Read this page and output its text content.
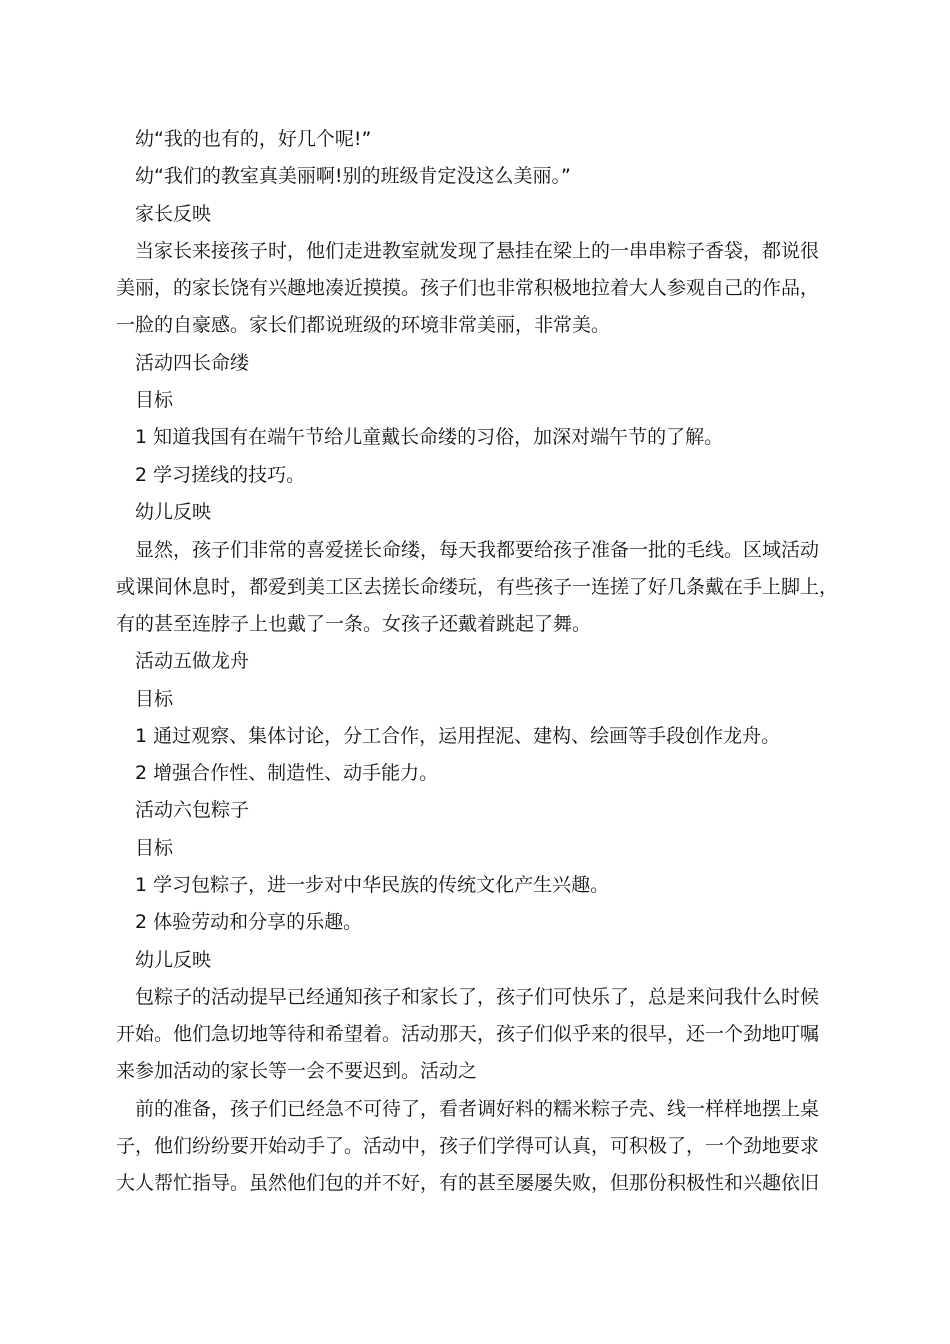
幼“我的也有的，好几个呢!”
幼“我们的教室真美丽啊!别的班级肯定没这么美丽。”
家长反映
当家长来接孩子时，他们走进教室就发现了悬挂在梁上的一串串粽子香袋，都说很
美丽，的家长饶有兴趣地凑近摸摸。孩子们也非常积极地拉着大人参观自己的作品，
一脸的自豪感。家长们都说班级的环境非常美丽，非常美。
活动四长命缕
目标
1 知道我国有在端午节给儿童戴长命缕的习俗，加深对端午节的了解。
2 学习搓线的技巧。
幼儿反映
显然，孩子们非常的喜爱搓长命缕，每天我都要给孩子准备一批的毛线。区域活动
或课间休息时，都爱到美工区去搓长命缕玩，有些孩子一连搓了好几条戴在手上脚上，
有的甚至连脖子上也戴了一条。女孩子还戴着跳起了舞。
活动五做龙舟
目标
1 通过观察、集体讨论，分工合作，运用捏泥、建构、绘画等手段创作龙舟。
2 增强合作性、制造性、动手能力。
活动六包粽子
目标
1 学习包粽子，进一步对中华民族的传统文化产生兴趣。
2 体验劳动和分享的乐趣。
幼儿反映
包粽子的活动提早已经通知孩子和家长了，孩子们可快乐了，总是来问我什么时候
开始。他们急切地等待和希望着。活动那天，孩子们似乎来的很早，还一个劲地叮嘱
来参加活动的家长等一会不要迟到。活动之
前的准备，孩子们已经急不可待了，看者调好料的糯米粽子壳、线一样样地摆上桌
子，他们纷纷要开始动手了。活动中，孩子们学得可认真，可积极了，一个劲地要求
大人帮忙指导。虽然他们包的并不好，有的甚至屡屡失败，但那份积极性和兴趣依旧
